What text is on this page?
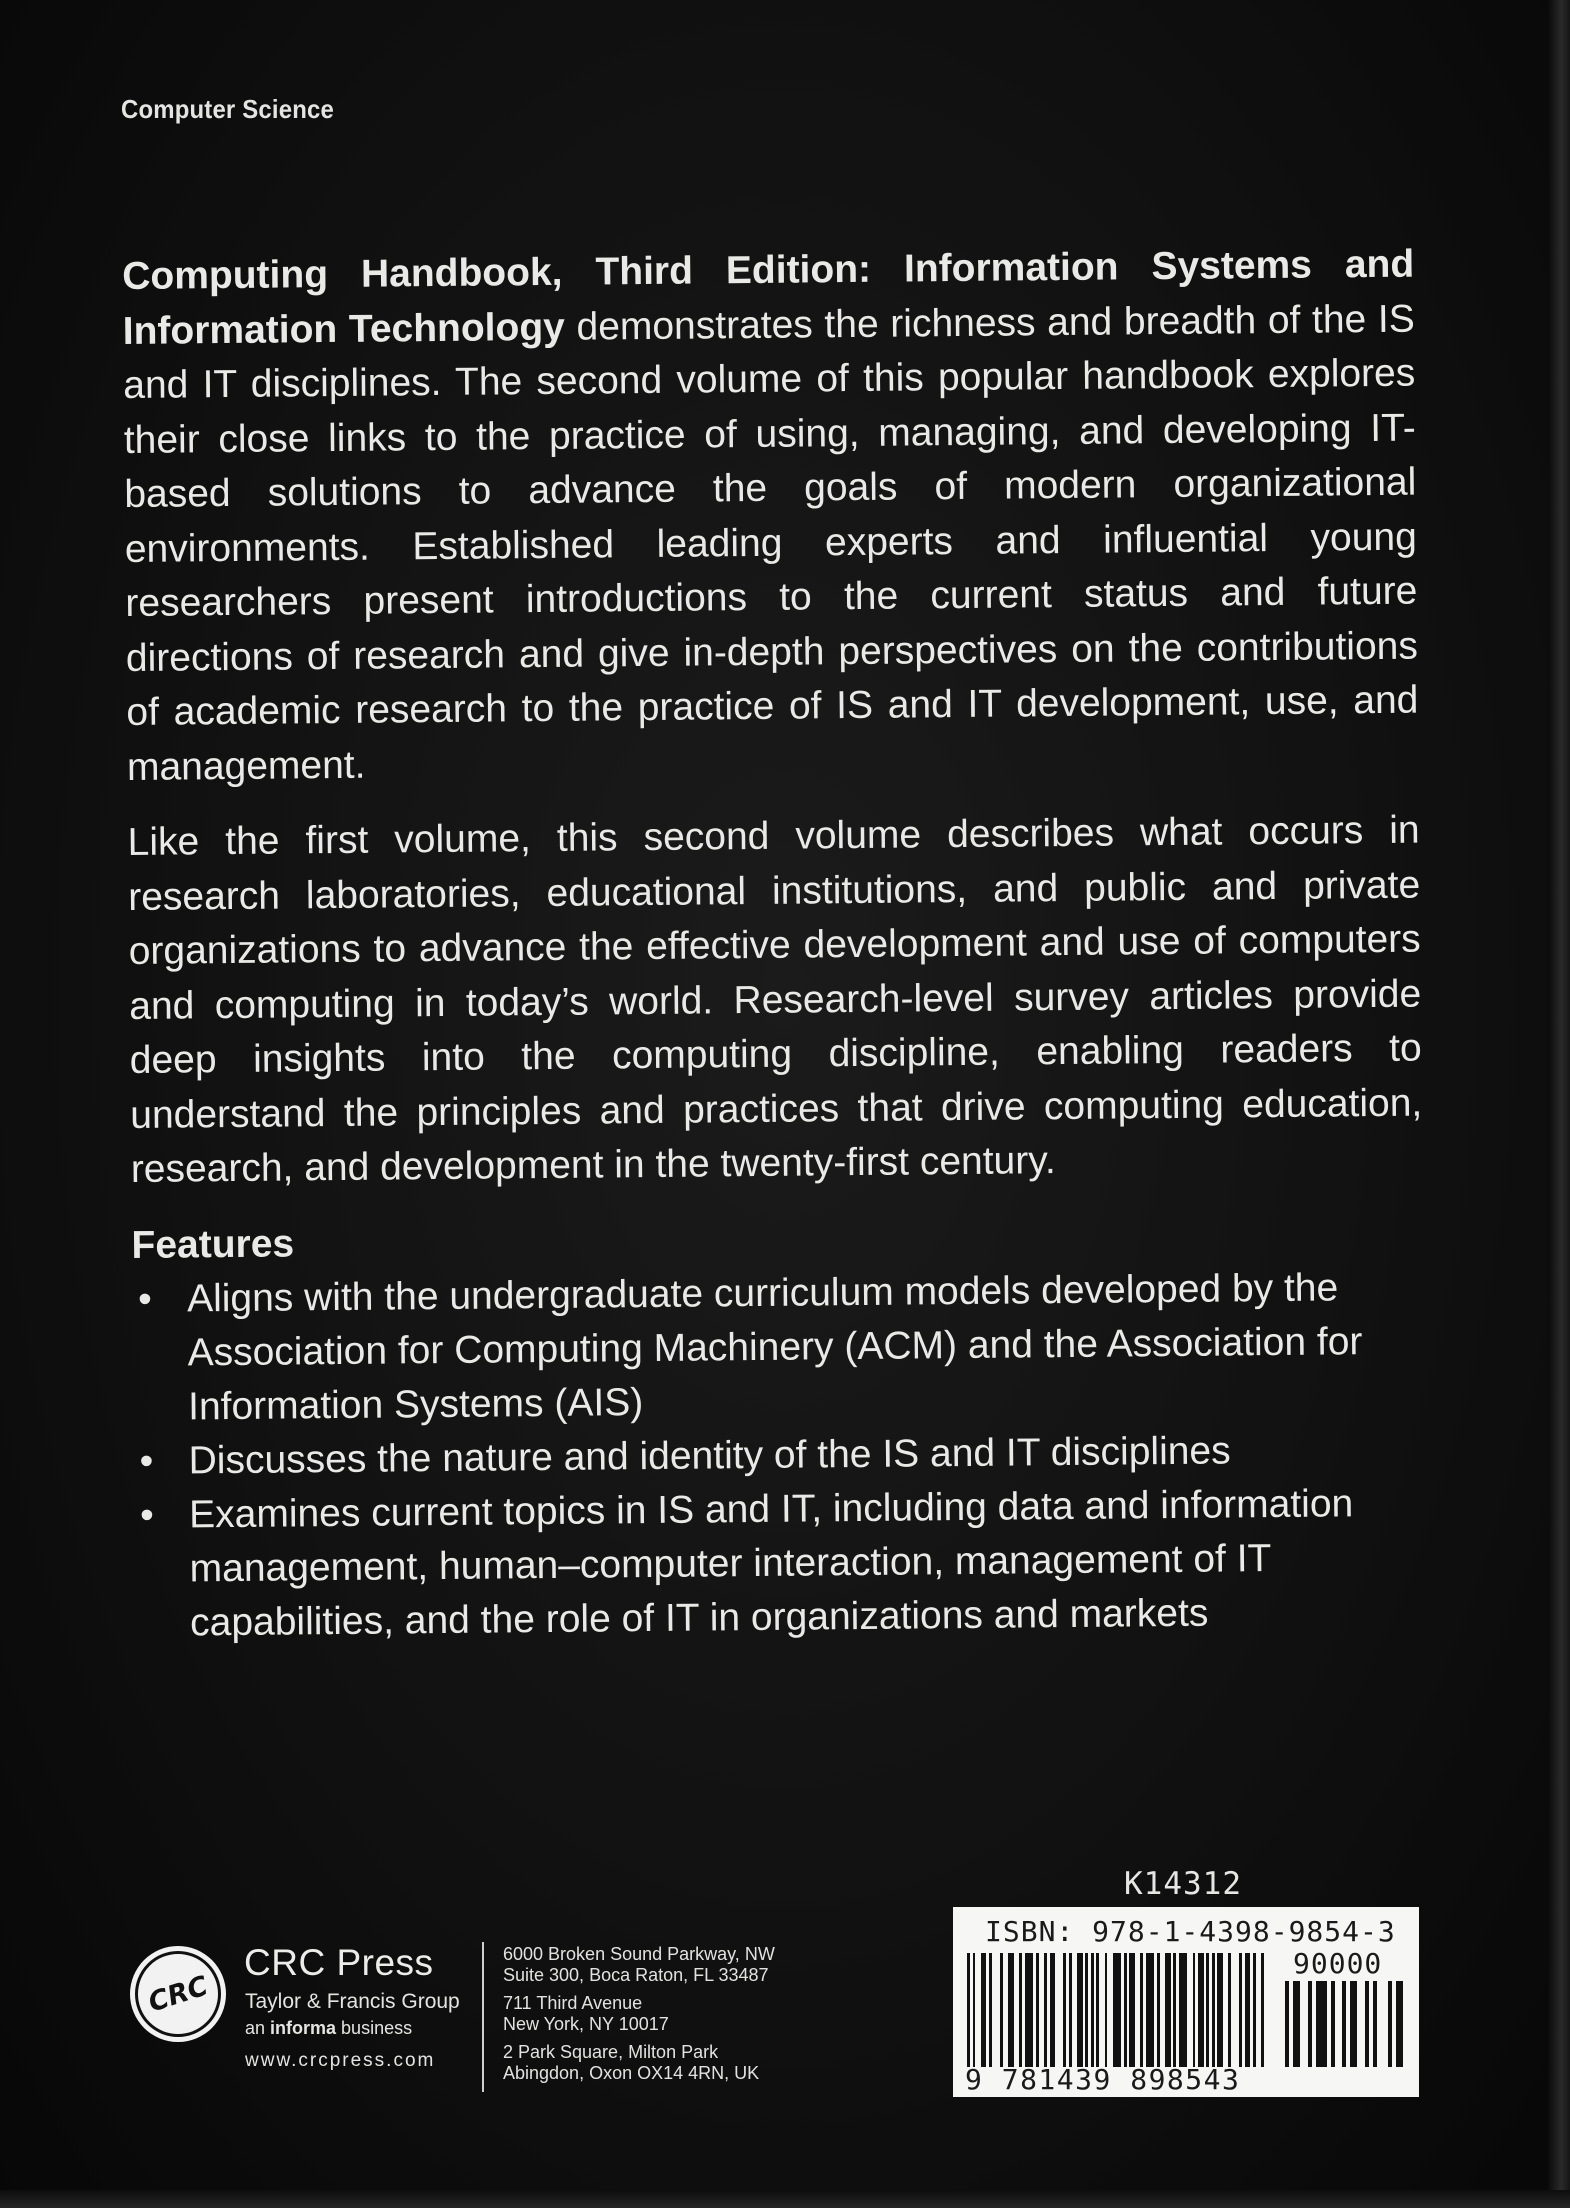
Computer Science

Computing Handbook, Third Edition: Information Systems and Information Technology demonstrates the richness and breadth of the IS and IT disciplines. The second volume of this popular handbook explores their close links to the practice of using, managing, and developing IT-based solutions to advance the goals of modern organizational environments. Established leading experts and influential young researchers present introductions to the current status and future directions of research and give in-depth perspectives on the contributions of academic research to the practice of IS and IT development, use, and management.

Like the first volume, this second volume describes what occurs in research laboratories, educational institutions, and public and private organizations to advance the effective development and use of computers and computing in today’s world. Research-level survey articles provide deep insights into the computing discipline, enabling readers to understand the principles and practices that drive computing education, research, and development in the twenty-first century.

Features
• Aligns with the undergraduate curriculum models developed by the Association for Computing Machinery (ACM) and the Association for Information Systems (AIS)
• Discusses the nature and identity of the IS and IT disciplines
• Examines current topics in IS and IT, including data and information management, human–computer interaction, management of IT capabilities, and the role of IT in organizations and markets
CRC
CRC Press
Taylor & Francis Group
an informa business
www.crcpress.com
6000 Broken Sound Parkway, NW
Suite 300, Boca Raton, FL 33487
711 Third Avenue
New York, NY 10017
2 Park Square, Milton Park
Abingdon, Oxon OX14 4RN, UK
K14312
ISBN: 978-1-4398-9854-3
90000
9 781439 898543
